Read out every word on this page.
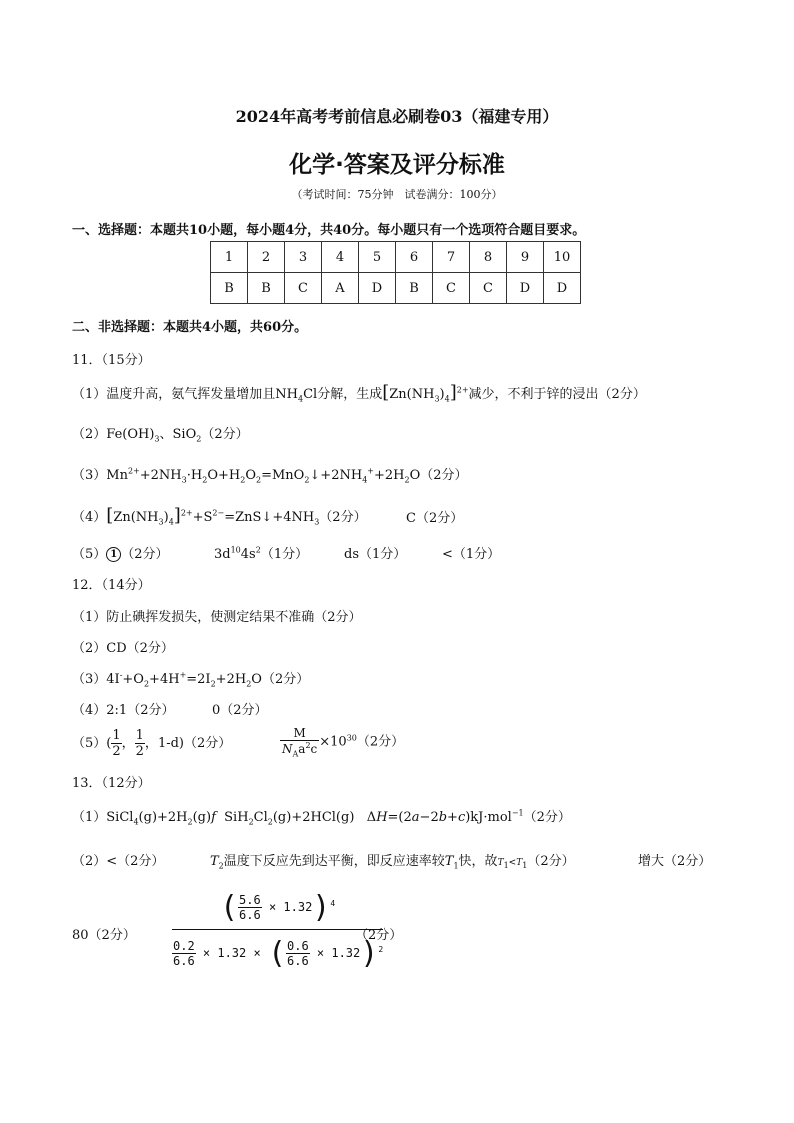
2024年高考考前信息必刷卷03（福建专用）
化学·答案及评分标准
（考试时间：75分钟　试卷满分：100分）
一、选择题：本题共10小题，每小题4分，共40分。每小题只有一个选项符合题目要求。
1	2	3	4	5	6	7	8	9	10
B	B	C	A	D	B	C	C	D	D
二、非选择题：本题共4小题，共60分。
11．（15分）
（1）温度升高，氨气挥发量增加且$NH_4Cl$分解，生成$[Zn(NH_3)_4]^{2+}$减少，不利于锌的浸出（2分）
$(2)Fe(OH)_3$、SiO$_2$（2分）
$(3)Mn^{2+}+2NH_3\cdot H_2O+H_2O_2=MnO_2↓+2NH_4^++2H_2O(2$分）
$(4)[Zn(NH_3)_4]^{2+}+S^{2-}=ZnS↓+4NH_3(2$分）	C（2分）
（5） 1 （2分）	$3d^{10}4s^2(1$分）	ds（1分）	<（1分）
12．（14分）
（1）防止碘挥发损失，使测定结果不准确（2分）
（2）CD（2分）
$(3)4I^-+O_2+4H^+=2I_2+2H_2O(2$分）
（4）2:1（2分）	0（2分）
$(5)( \frac{1}{2}$ ， $\frac{1}{2}$ ，1-d)（2分）	$\frac{M}{N_Aa^2c} \times 10^{30}(2$分）
13．（12分）
$(1)SiCl_4(g)+2H_2(g)f$  $SiH_2Cl_2(g)+2HCl(g)$   ΔH=(2a−2b+c)kJ·mol$^{-1}$（2分）
（2）<（2分）	$T_2$温度下反应先到达平衡，即反应速率较$T_1$快，故$T_1<T_1(2$分）	增大（2分）
80（2分） $\frac{( \frac{5.6}{6.6} \times 1.32)^4}{\frac{0.2}{6.6} \times 1.32 \times ( \frac{0.6}{6.6} \times 1.32)^2}$
（2分）
